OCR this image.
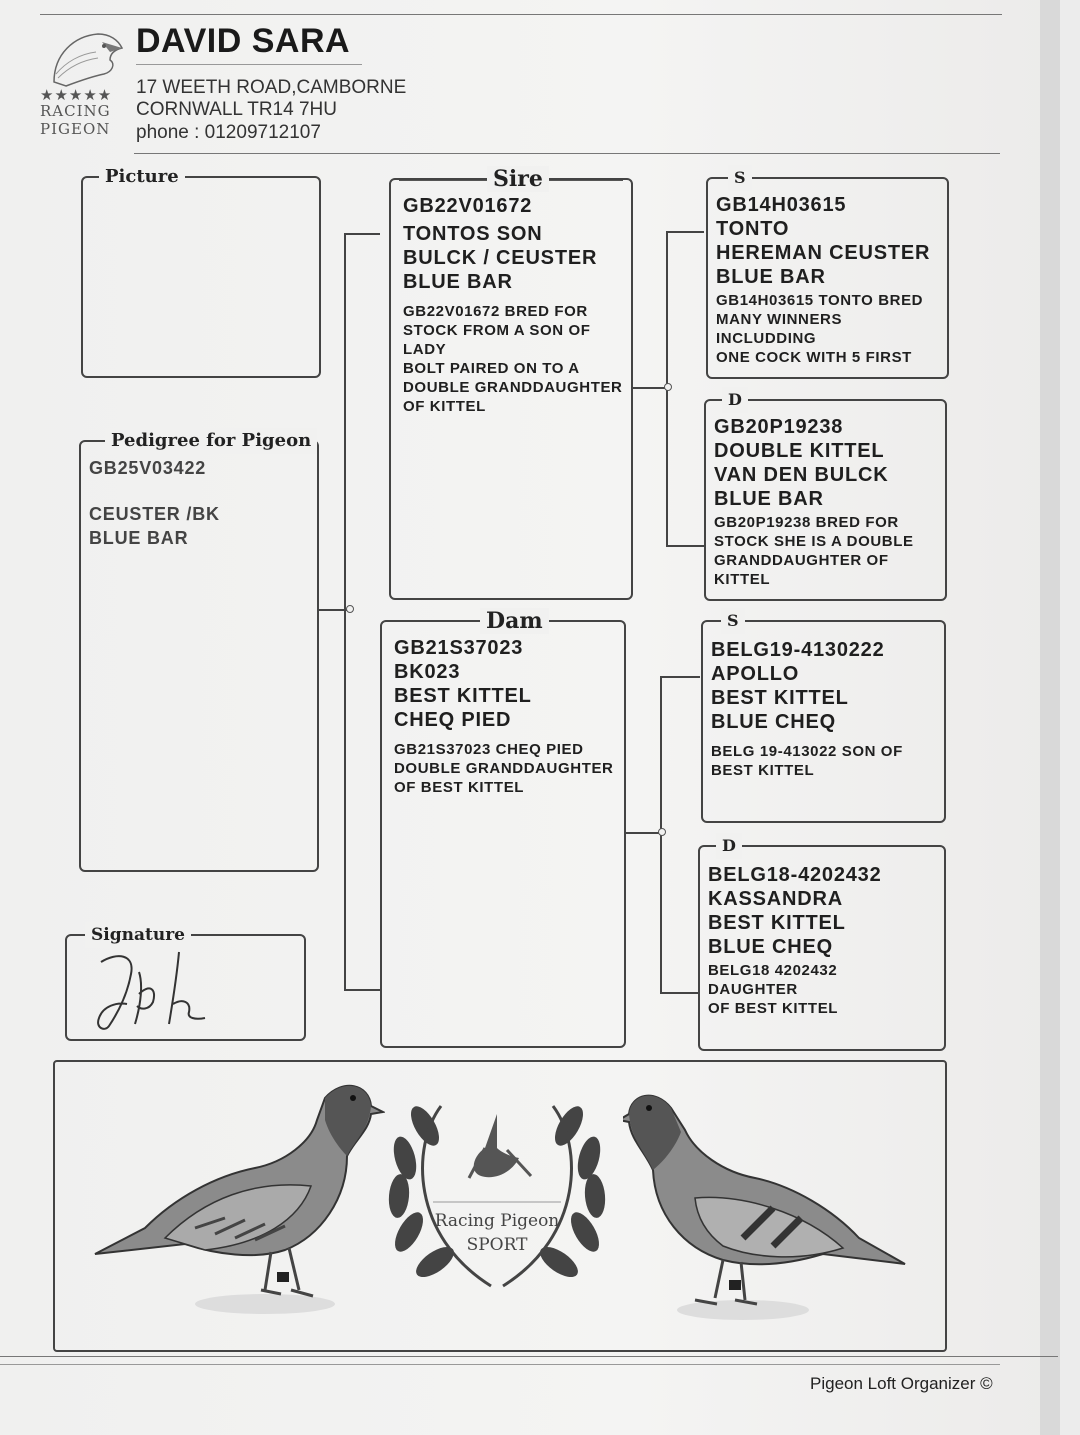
★★★★★
RACING
PIGEON
DAVID SARA
17 WEETH ROAD,CAMBORNE
CORNWALL TR14 7HU
phone : 01209712107
Picture
Pedigree for Pigeon
GB25V03422
CEUSTER /BK
BLUE BAR
Signature
Sire
GB22V01672
TONTOS SON
BULCK / CEUSTER
BLUE BAR
GB22V01672 BRED FOR
STOCK FROM A SON OF
LADY
BOLT PAIRED ON TO A
DOUBLE GRANDDAUGHTER
OF KITTEL
Dam
GB21S37023
BK023
BEST KITTEL
CHEQ PIED
GB21S37023 CHEQ PIED
DOUBLE GRANDDAUGHTER
OF BEST KITTEL
S
GB14H03615
TONTO
HEREMAN CEUSTER
BLUE BAR
GB14H03615 TONTO BRED
MANY WINNERS
INCLUDDING
ONE COCK WITH 5 FIRST
D
GB20P19238
DOUBLE KITTEL
VAN DEN BULCK
BLUE BAR
GB20P19238 BRED FOR
STOCK SHE IS A DOUBLE
GRANDDAUGHTER OF
KITTEL
S
BELG19-4130222
APOLLO
BEST KITTEL
BLUE CHEQ
BELG 19-413022 SON OF
BEST KITTEL
D
BELG18-4202432
KASSANDRA
BEST KITTEL
BLUE CHEQ
BELG18 4202432
DAUGHTER
OF BEST KITTEL
Racing Pigeon
SPORT
Pigeon Loft Organizer ©
